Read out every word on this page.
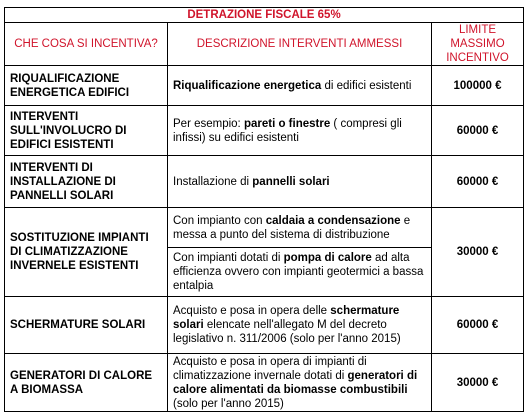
DETRAZIONE FISCALE 65%		
CHE COSA SI INCENTIVA?	DESCRIZIONE INTERVENTI AMMESSI	LIMITE MASSIMO INCENTIVO
RIQUALIFICAZIONE ENERGETICA EDIFICI	Riqualificazione energetica di edifici esistenti	100000 €
INTERVENTI SULL'INVOLUCRO DI EDIFICI ESISTENTI	Per esempio: pareti o finestre ( compresi gli infissi) su edifici esistenti	60000 €
INTERVENTI DI INSTALLAZIONE DI PANNELLI SOLARI	Installazione di pannelli solari	60000 €
SOSTITUZIONE IMPIANTI DI CLIMATIZZAZIONE INVERNELE ESISTENTI	Con impianto con caldaia a condensazione e messa a punto del sistema di distribuzione	30000 €
	Con impianti dotati di pompa di calore ad alta efficienza ovvero con impianti geotermici a bassa entalpia	
SCHERMATURE SOLARI	Acquisto e posa in opera delle schermature solari elencate nell'allegato M del decreto legislativo n. 311/2006 (solo per l'anno 2015)	60000 €
GENERATORI DI CALORE A BIOMASSA	Acquisto e posa in opera di impianti di climatizzazione invernale dotati di generatori di calore alimentati da biomasse combustibili (solo per l'anno 2015)	30000 €
